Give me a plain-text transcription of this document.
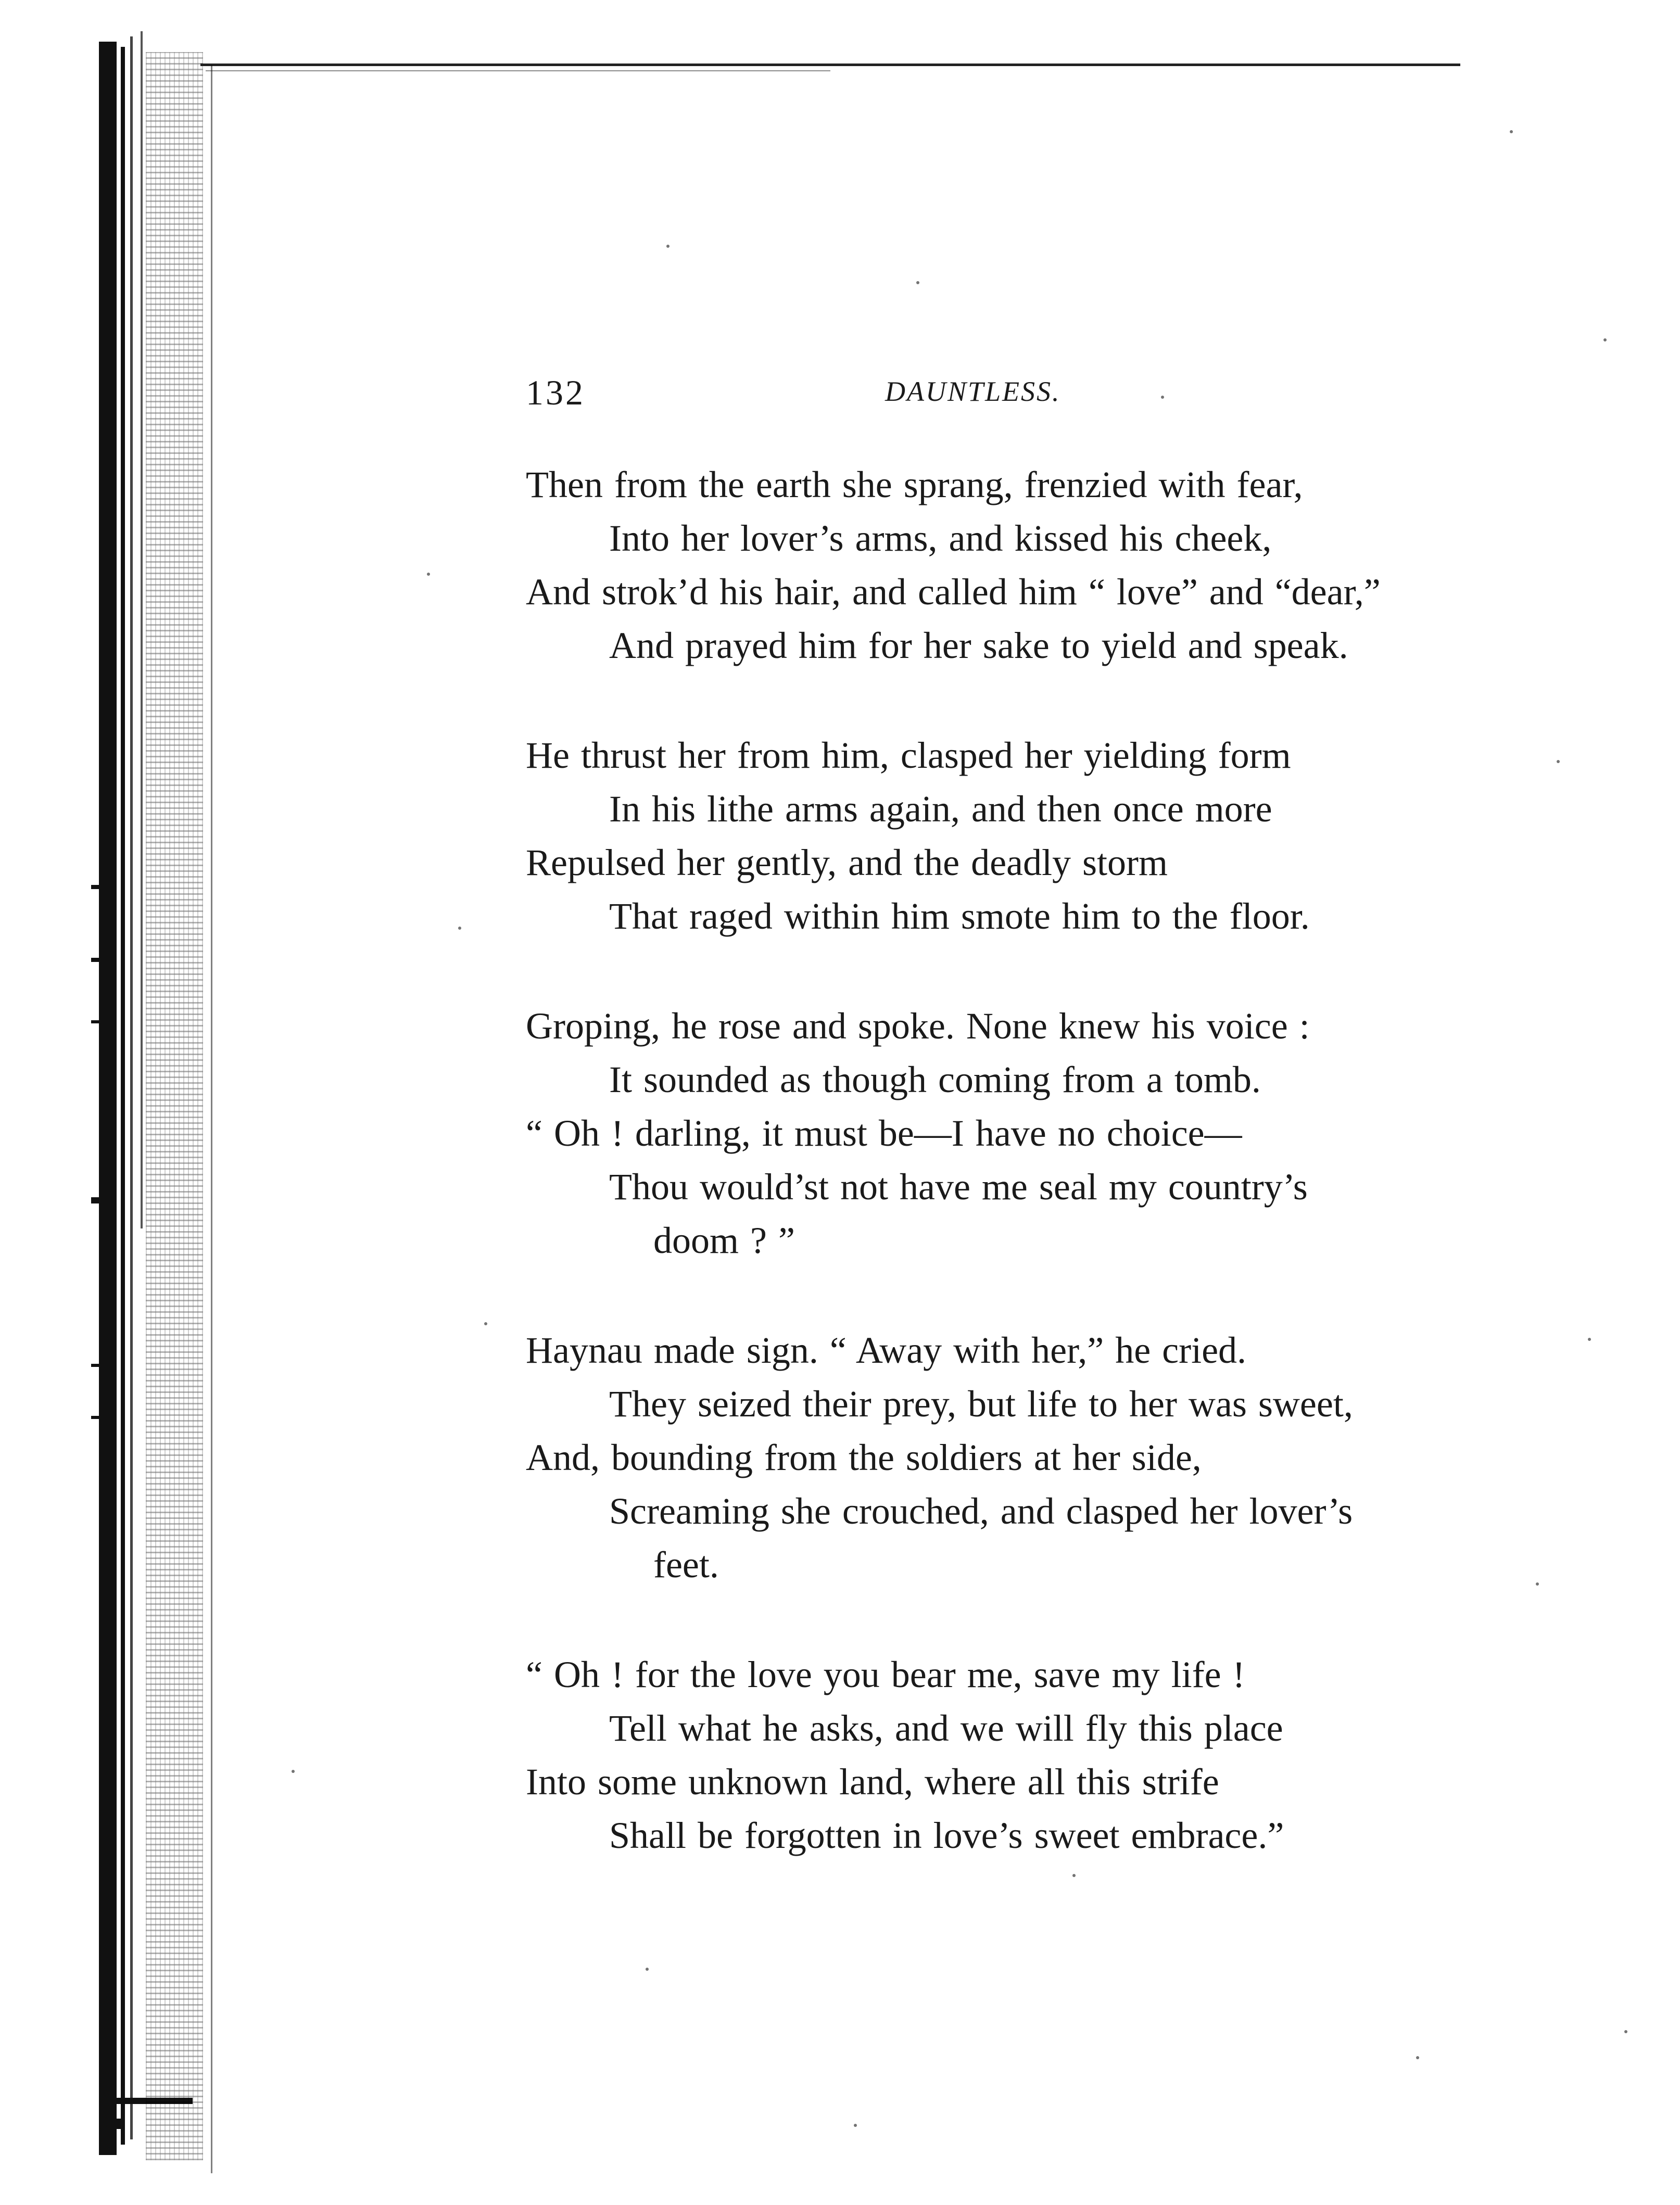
132	DAUNTLESS.
Then from the earth she sprang, frenzied with fear,
Into her lover’s arms, and kissed his cheek,
And strok’d his hair, and called him “ love” and “dear,”
And prayed him for her sake to yield and speak.
He thrust her from him, clasped her yielding form
In his lithe arms again, and then once more
Repulsed her gently, and the deadly storm
That raged within him smote him to the floor.
Groping, he rose and spoke. None knew his voice :
It sounded as though coming from a tomb.
“ Oh ! darling, it must be—I have no choice—
Thou would’st not have me seal my country’s
doom ? ”
Haynau made sign. “ Away with her,” he cried.
They seized their prey, but life to her was sweet,
And, bounding from the soldiers at her side,
Screaming she crouched, and clasped her lover’s
feet.
“ Oh ! for the love you bear me, save my life !
Tell what he asks, and we will fly this place
Into some unknown land, where all this strife
Shall be forgotten in love’s sweet embrace.”
